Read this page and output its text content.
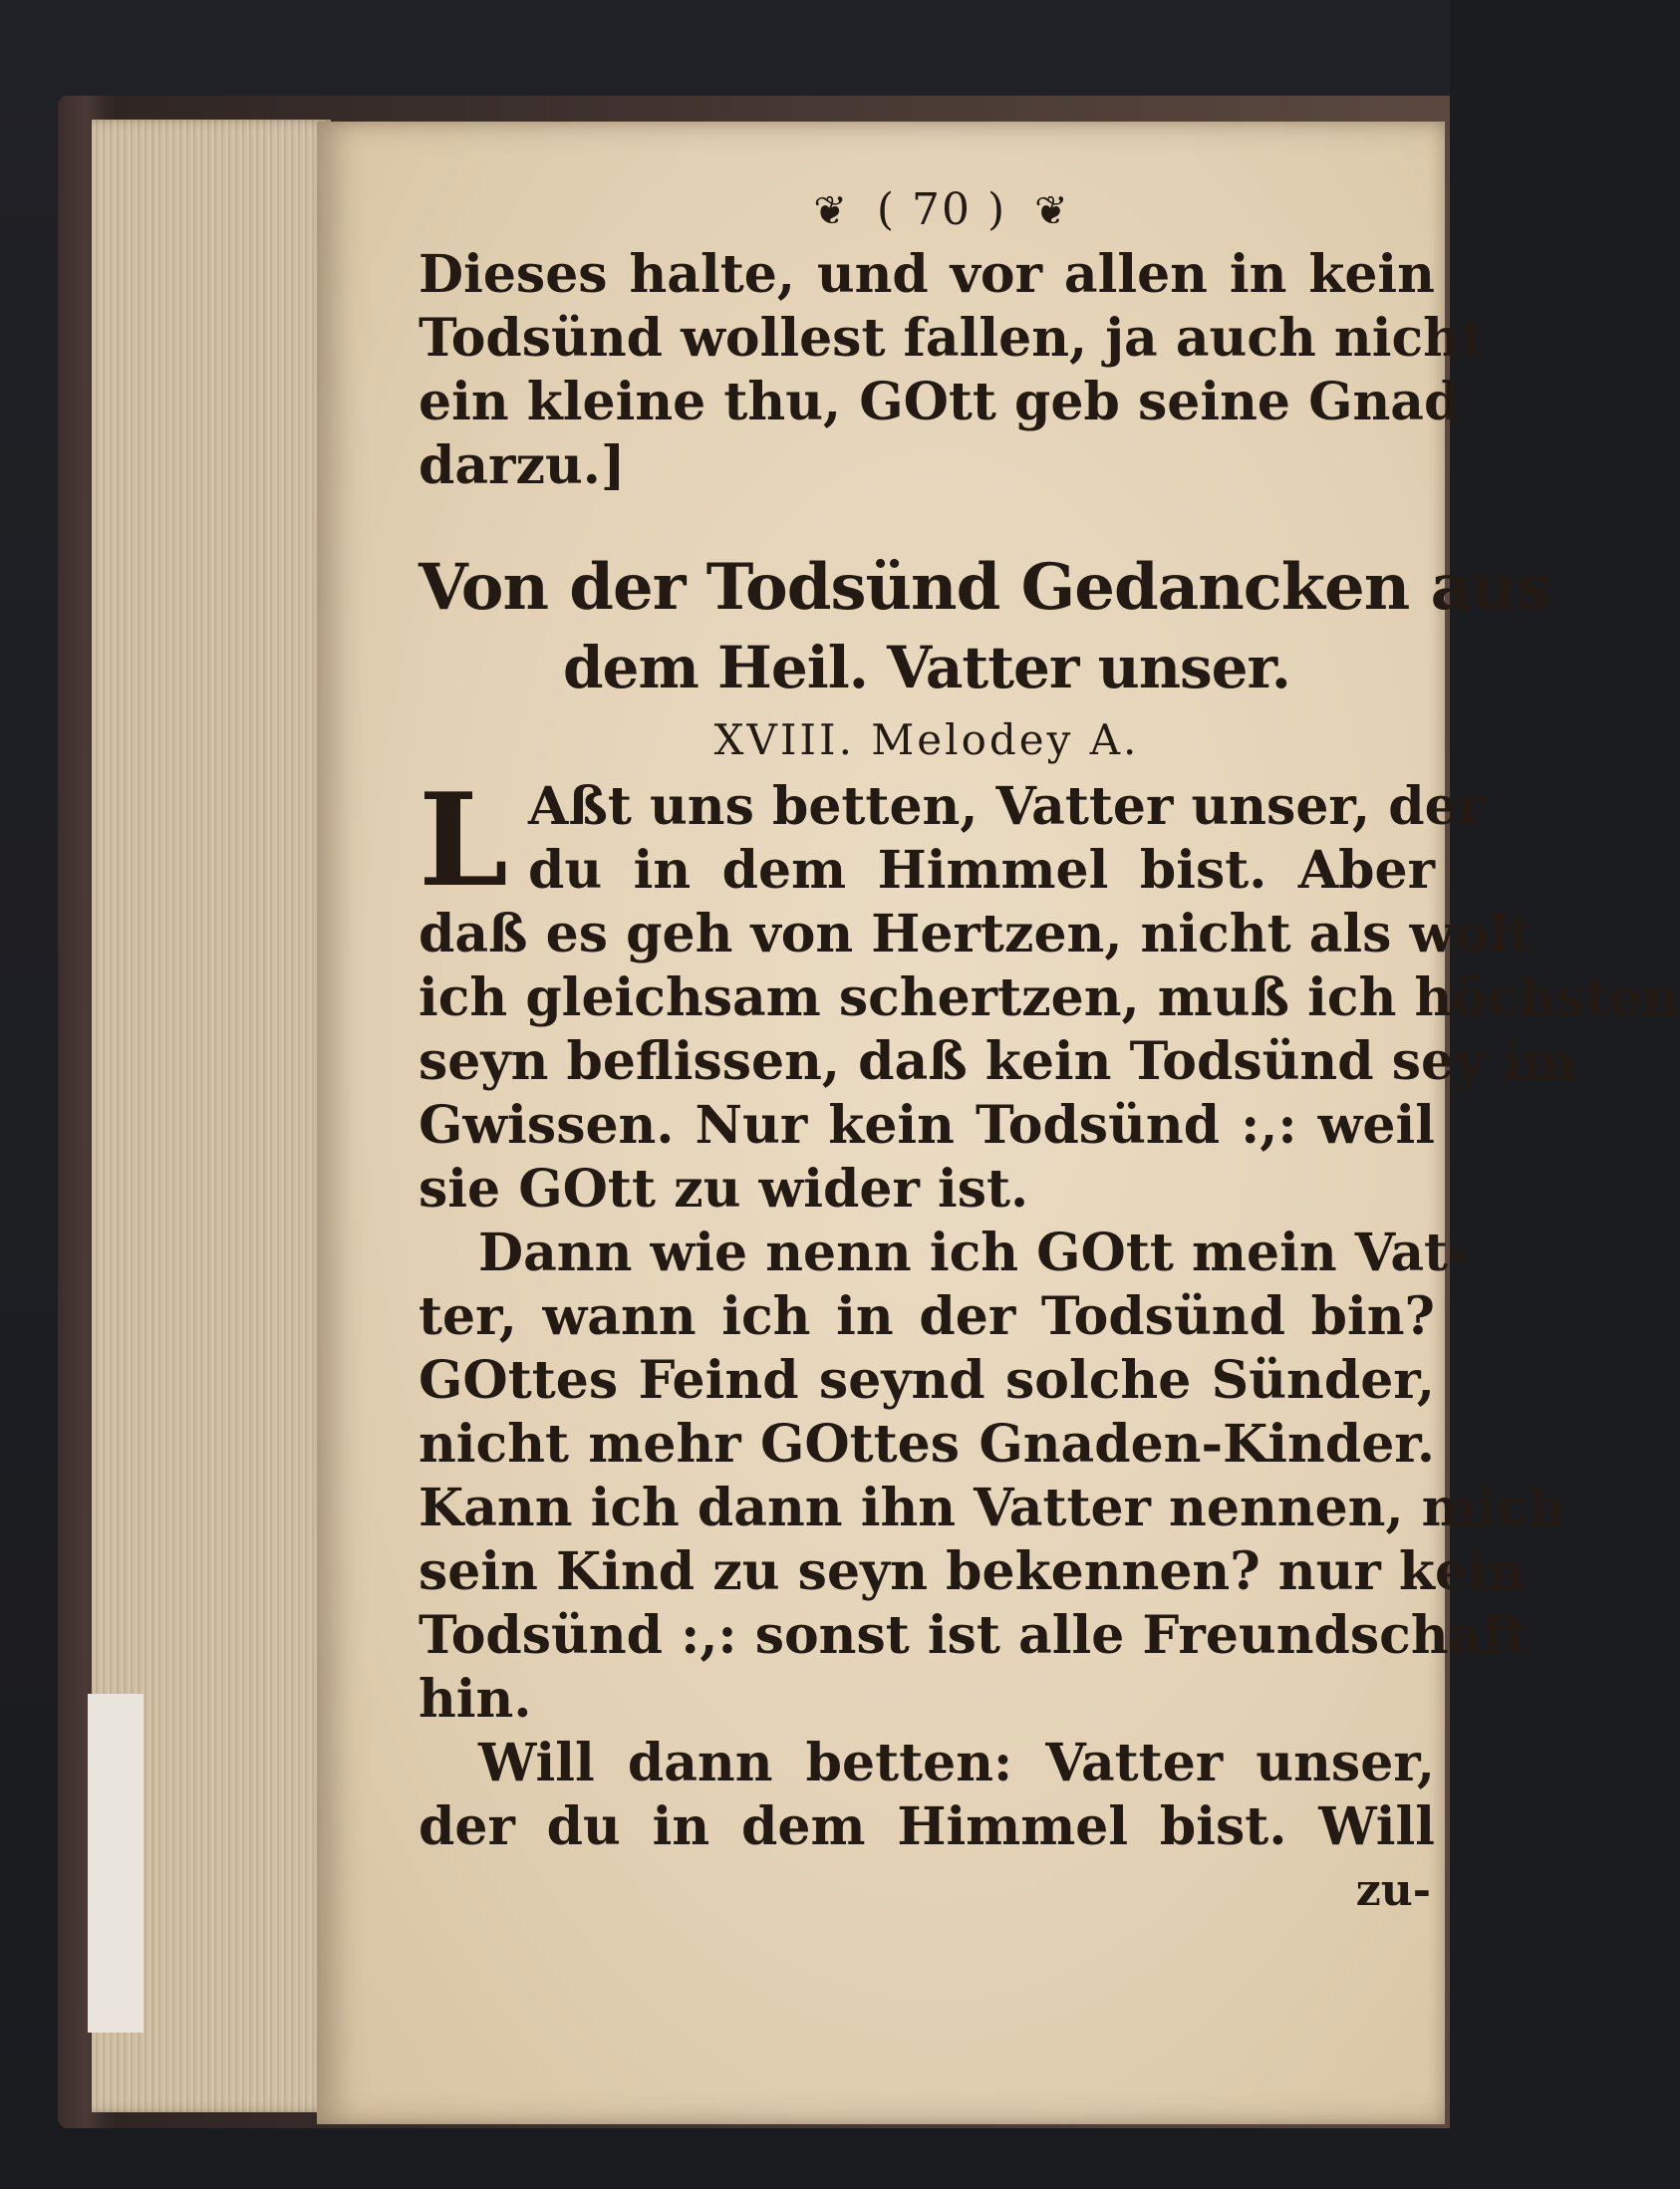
❦ ( 70 ) ❦
Dieses halte, und vor allen in kein
Todsünd wollest fallen, ja auch nicht
ein kleine thu, GOtt geb seine Gnad
darzu.]
Von der Todsünd Gedancken aus
dem Heil. Vatter unser.
XVIII. Melodey A.
L Aßt uns betten, Vatter unser, der
du in dem Himmel bist. Aber
daß es geh von Hertzen, nicht als wolt
ich gleichsam schertzen, muß ich höchsten
seyn beflissen, daß kein Todsünd sey im
Gwissen. Nur kein Todsünd :,: weil
sie GOtt zu wider ist.
Dann wie nenn ich GOtt mein Vat-
ter, wann ich in der Todsünd bin?
GOttes Feind seynd solche Sünder,
nicht mehr GOttes Gnaden-Kinder.
Kann ich dann ihn Vatter nennen, mich
sein Kind zu seyn bekennen? nur kein
Todsünd :,: sonst ist alle Freundschaft
hin.
Will dann betten: Vatter unser,
der du in dem Himmel bist. Will
zu-
